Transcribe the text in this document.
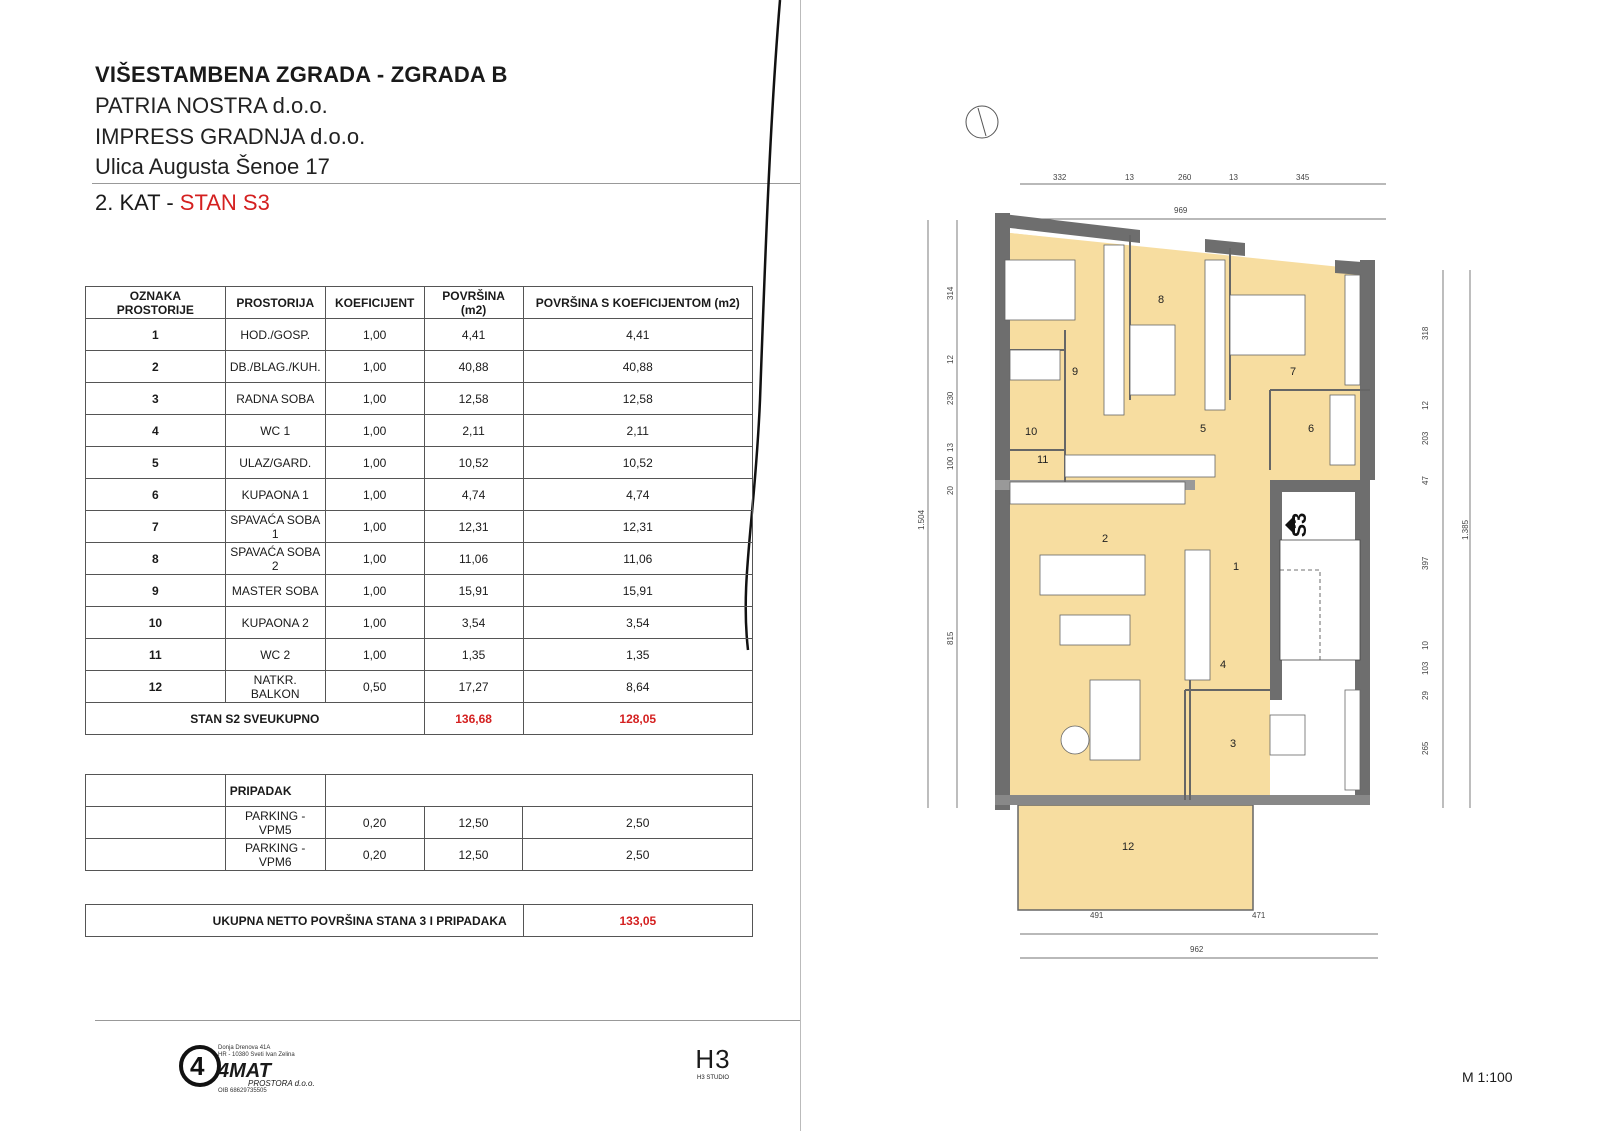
VIŠESTAMBENA ZGRADA - ZGRADA B
PATRIA NOSTRA d.o.o.
IMPRESS GRADNJA d.o.o.
Ulica Augusta Šenoe 17
2. KAT - STAN S3
OZNAKA PROSTORIJE	PROSTORIJA	KOEFICIJENT	POVRŠINA (m2)	POVRŠINA S KOEFICIJENTOM (m2)
1	HOD./GOSP.	1,00	4,41	4,41
2	DB./BLAG./KUH.	1,00	40,88	40,88
3	RADNA SOBA	1,00	12,58	12,58
4	WC 1	1,00	2,11	2,11
5	ULAZ/GARD.	1,00	10,52	10,52
6	KUPAONA 1	1,00	4,74	4,74
7	SPAVAĆA SOBA 1	1,00	12,31	12,31
8	SPAVAĆA SOBA 2	1,00	11,06	11,06
9	MASTER SOBA	1,00	15,91	15,91
10	KUPAONA 2	1,00	3,54	3,54
11	WC 2	1,00	1,35	1,35
12	NATKR. BALKON	0,50	17,27	8,64
STAN S2 SVEUKUPNO			136,68	128,05
	PRIPADAK			
	PARKING - VPM5	0,20	12,50	2,50
	PARKING - VPM6	0,20	12,50	2,50
UKUPNA NETTO POVRŠINA STANA 3 I PRIPADAKA	133,05
4 4MAT
PROSTORA d.o.o.
Donja Drenova 41A
HR - 10380 Sveti Ivan Zelina
OIB 68629735505
H3
H3 STUDIO
332	13	260	13	345
969
491	471
962
1.504
314
12
230
13
100
20
815
318
12
203
47
397
10
103
29
265
1.385
S3
1
2
3
4
5	6
7
8
9
10
11
12
M 1:100
